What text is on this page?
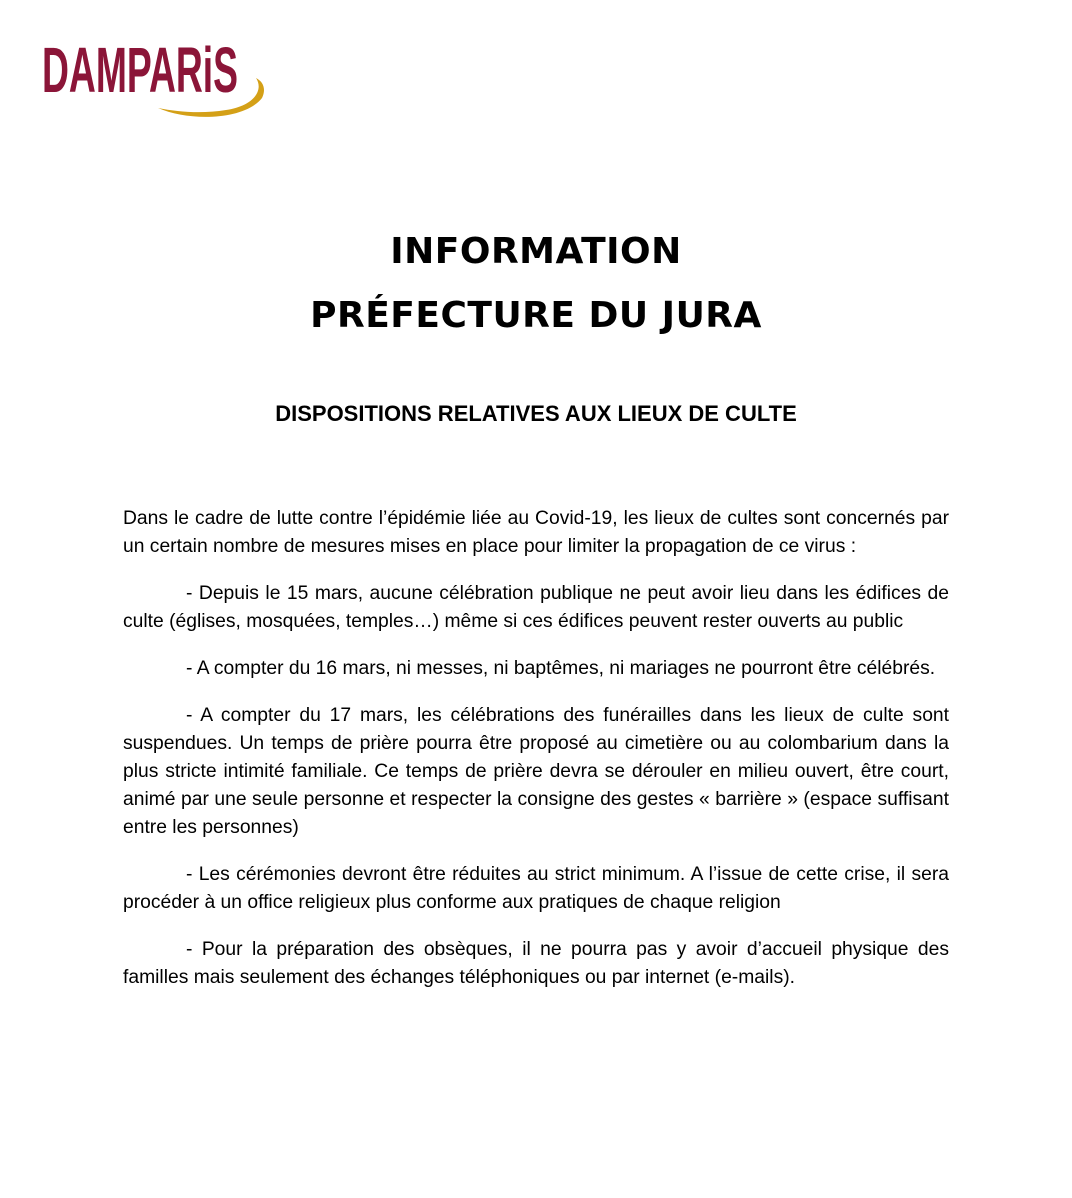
DAMPARiS
INFORMATION
PRÉFECTURE DU JURA
DISPOSITIONS RELATIVES AUX LIEUX DE CULTE

Dans le cadre de lutte contre l’épidémie liée au Covid-19, les lieux de cultes sont concernés par un certain nombre de mesures mises en place pour limiter la propagation de ce virus :

- Depuis le 15 mars, aucune célébration publique ne peut avoir lieu dans les édifices de culte (églises, mosquées, temples…) même si ces édifices peuvent rester ouverts au public

- A compter du 16 mars, ni messes, ni baptêmes, ni mariages ne pourront être célébrés.

- A compter du 17 mars, les célébrations des funérailles dans les lieux de culte sont suspendues. Un temps de prière pourra être proposé au cimetière ou au colombarium dans la plus stricte intimité familiale. Ce temps de prière devra se dérouler en milieu ouvert, être court, animé par une seule personne et respecter la consigne des gestes « barrière » (espace suffisant entre les personnes)

- Les cérémonies devront être réduites au strict minimum. A l’issue de cette crise, il sera procéder à un office religieux plus conforme aux pratiques de chaque religion

- Pour la préparation des obsèques, il ne pourra pas y avoir d’accueil physique des familles mais seulement des échanges téléphoniques ou par internet (e-mails).
